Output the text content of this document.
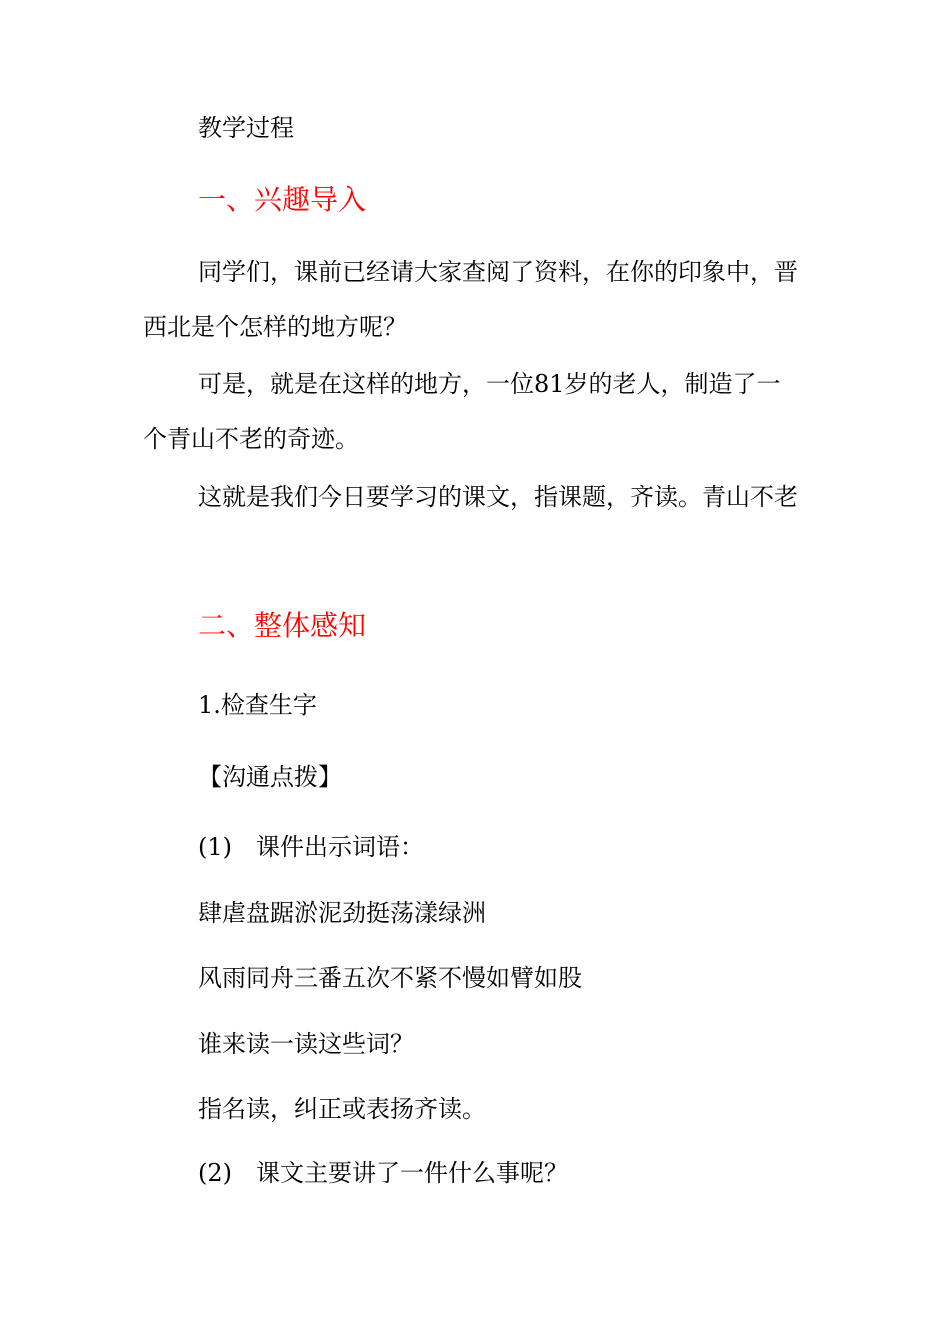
教学过程
一、兴趣导入

同学们，课前已经请大家查阅了资料，在你的印象中，晋西北是个怎样的地方呢？

可是，就是在这样的地方，一位81岁的老人，制造了一个青山不老的奇迹。

这就是我们今日要学习的课文，指课题，齐读。青山不老

二、整体感知
1.检查生字
【沟通点拨】
(1)　课件出示词语：
肆虐盘踞淤泥劲挺荡漾绿洲
风雨同舟三番五次不紧不慢如臂如股
谁来读一读这些词？
指名读，纠正或表扬齐读。
(2)　课文主要讲了一件什么事呢？
